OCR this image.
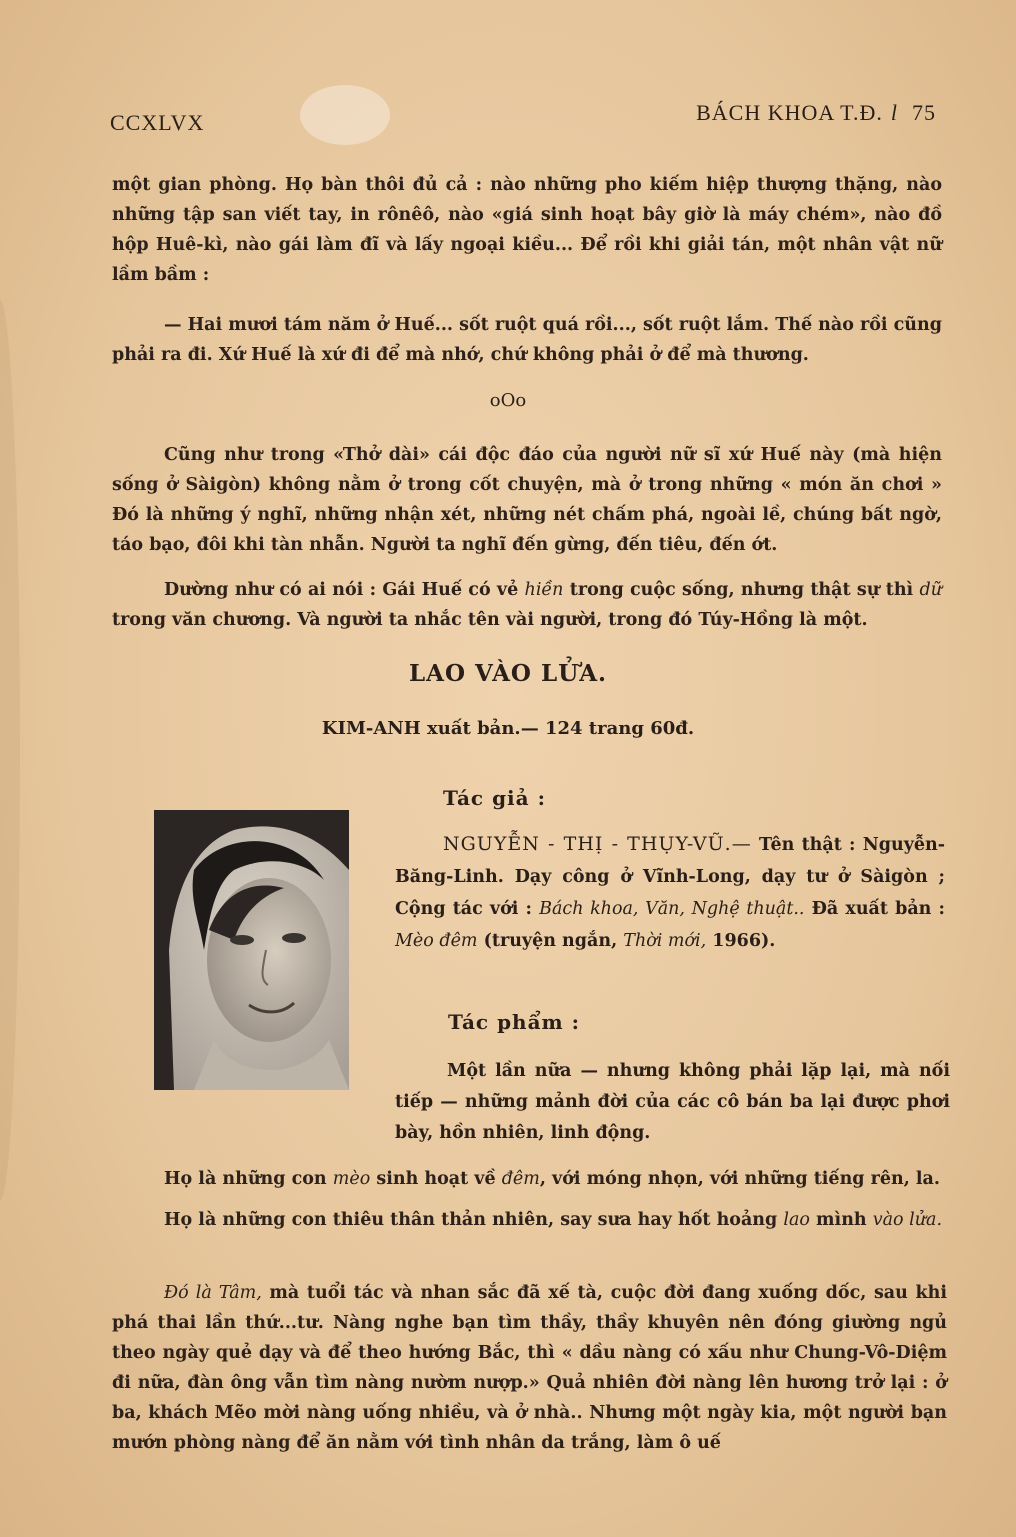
CCXLVX	BÁCH KHOA T.Đ. l 75

một gian phòng. Họ bàn thôi đủ cả : nào những pho kiếm hiệp thượng thặng, nào những tập san viết tay, in rônêô, nào «giá sinh hoạt bây giờ là máy chém», nào đồ hộp Huê-kì, nào gái làm đĩ và lấy ngoại kiều... Để rồi khi giải tán, một nhân vật nữ lầm bầm :

— Hai mươi tám năm ở Huế... sốt ruột quá rồi..., sốt ruột lắm. Thế nào rồi cũng phải ra đi. Xứ Huế là xứ đi để mà nhớ, chứ không phải ở để mà thương.

oOo

Cũng như trong «Thở dài» cái độc đáo của người nữ sĩ xứ Huế này (mà hiện sống ở Sàigòn) không nằm ở trong cốt chuyện, mà ở trong những « món ăn chơi » Đó là những ý nghĩ, những nhận xét, những nét chấm phá, ngoài lề, chúng bất ngờ, táo bạo, đôi khi tàn nhẫn. Người ta nghĩ đến gừng, đến tiêu, đến ớt.

Dường như có ai nói : Gái Huế có vẻ hiền trong cuộc sống, nhưng thật sự thì dữ trong văn chương. Và người ta nhắc tên vài người, trong đó Túy-Hồng là một.

LAO VÀO LỬA.
KIM-ANH xuất bản.— 124 trang 60đ.
Tác giả :
NGUYỄN - THỊ - THỤY-VŨ.— Tên thật : Nguyễn-Băng-Linh. Dạy công ở Vĩnh-Long, dạy tư ở Sàigòn ; Cộng tác với : Bách khoa, Văn, Nghệ thuật.. Đã xuất bản : Mèo đêm (truyện ngắn, Thời mới, 1966).
Tác phẩm :

Một lần nữa — nhưng không phải lặp lại, mà nối tiếp — những mảnh đời của các cô bán ba lại được phơi bày, hồn nhiên, linh động.

Họ là những con mèo sinh hoạt về đêm, với móng nhọn, với những tiếng rên, la.

Họ là những con thiêu thân thản nhiên, say sưa hay hốt hoảng lao mình vào lửa.

Đó là Tâm, mà tuổi tác và nhan sắc đã xế tà, cuộc đời đang xuống dốc, sau khi phá thai lần thứ...tư. Nàng nghe bạn tìm thầy, thầy khuyên nên đóng giường ngủ theo ngày quẻ dạy và để theo hướng Bắc, thì « dầu nàng có xấu như Chung-Vô-Diệm đi nữa, đàn ông vẫn tìm nàng nườm nượp.» Quả nhiên đời nàng lên hương trở lại : ở ba, khách Mẽo mời nàng uống nhiều, và ở nhà.. Nhưng một ngày kia, một người bạn mướn phòng nàng để ăn nằm với tình nhân da trắng, làm ô uế
